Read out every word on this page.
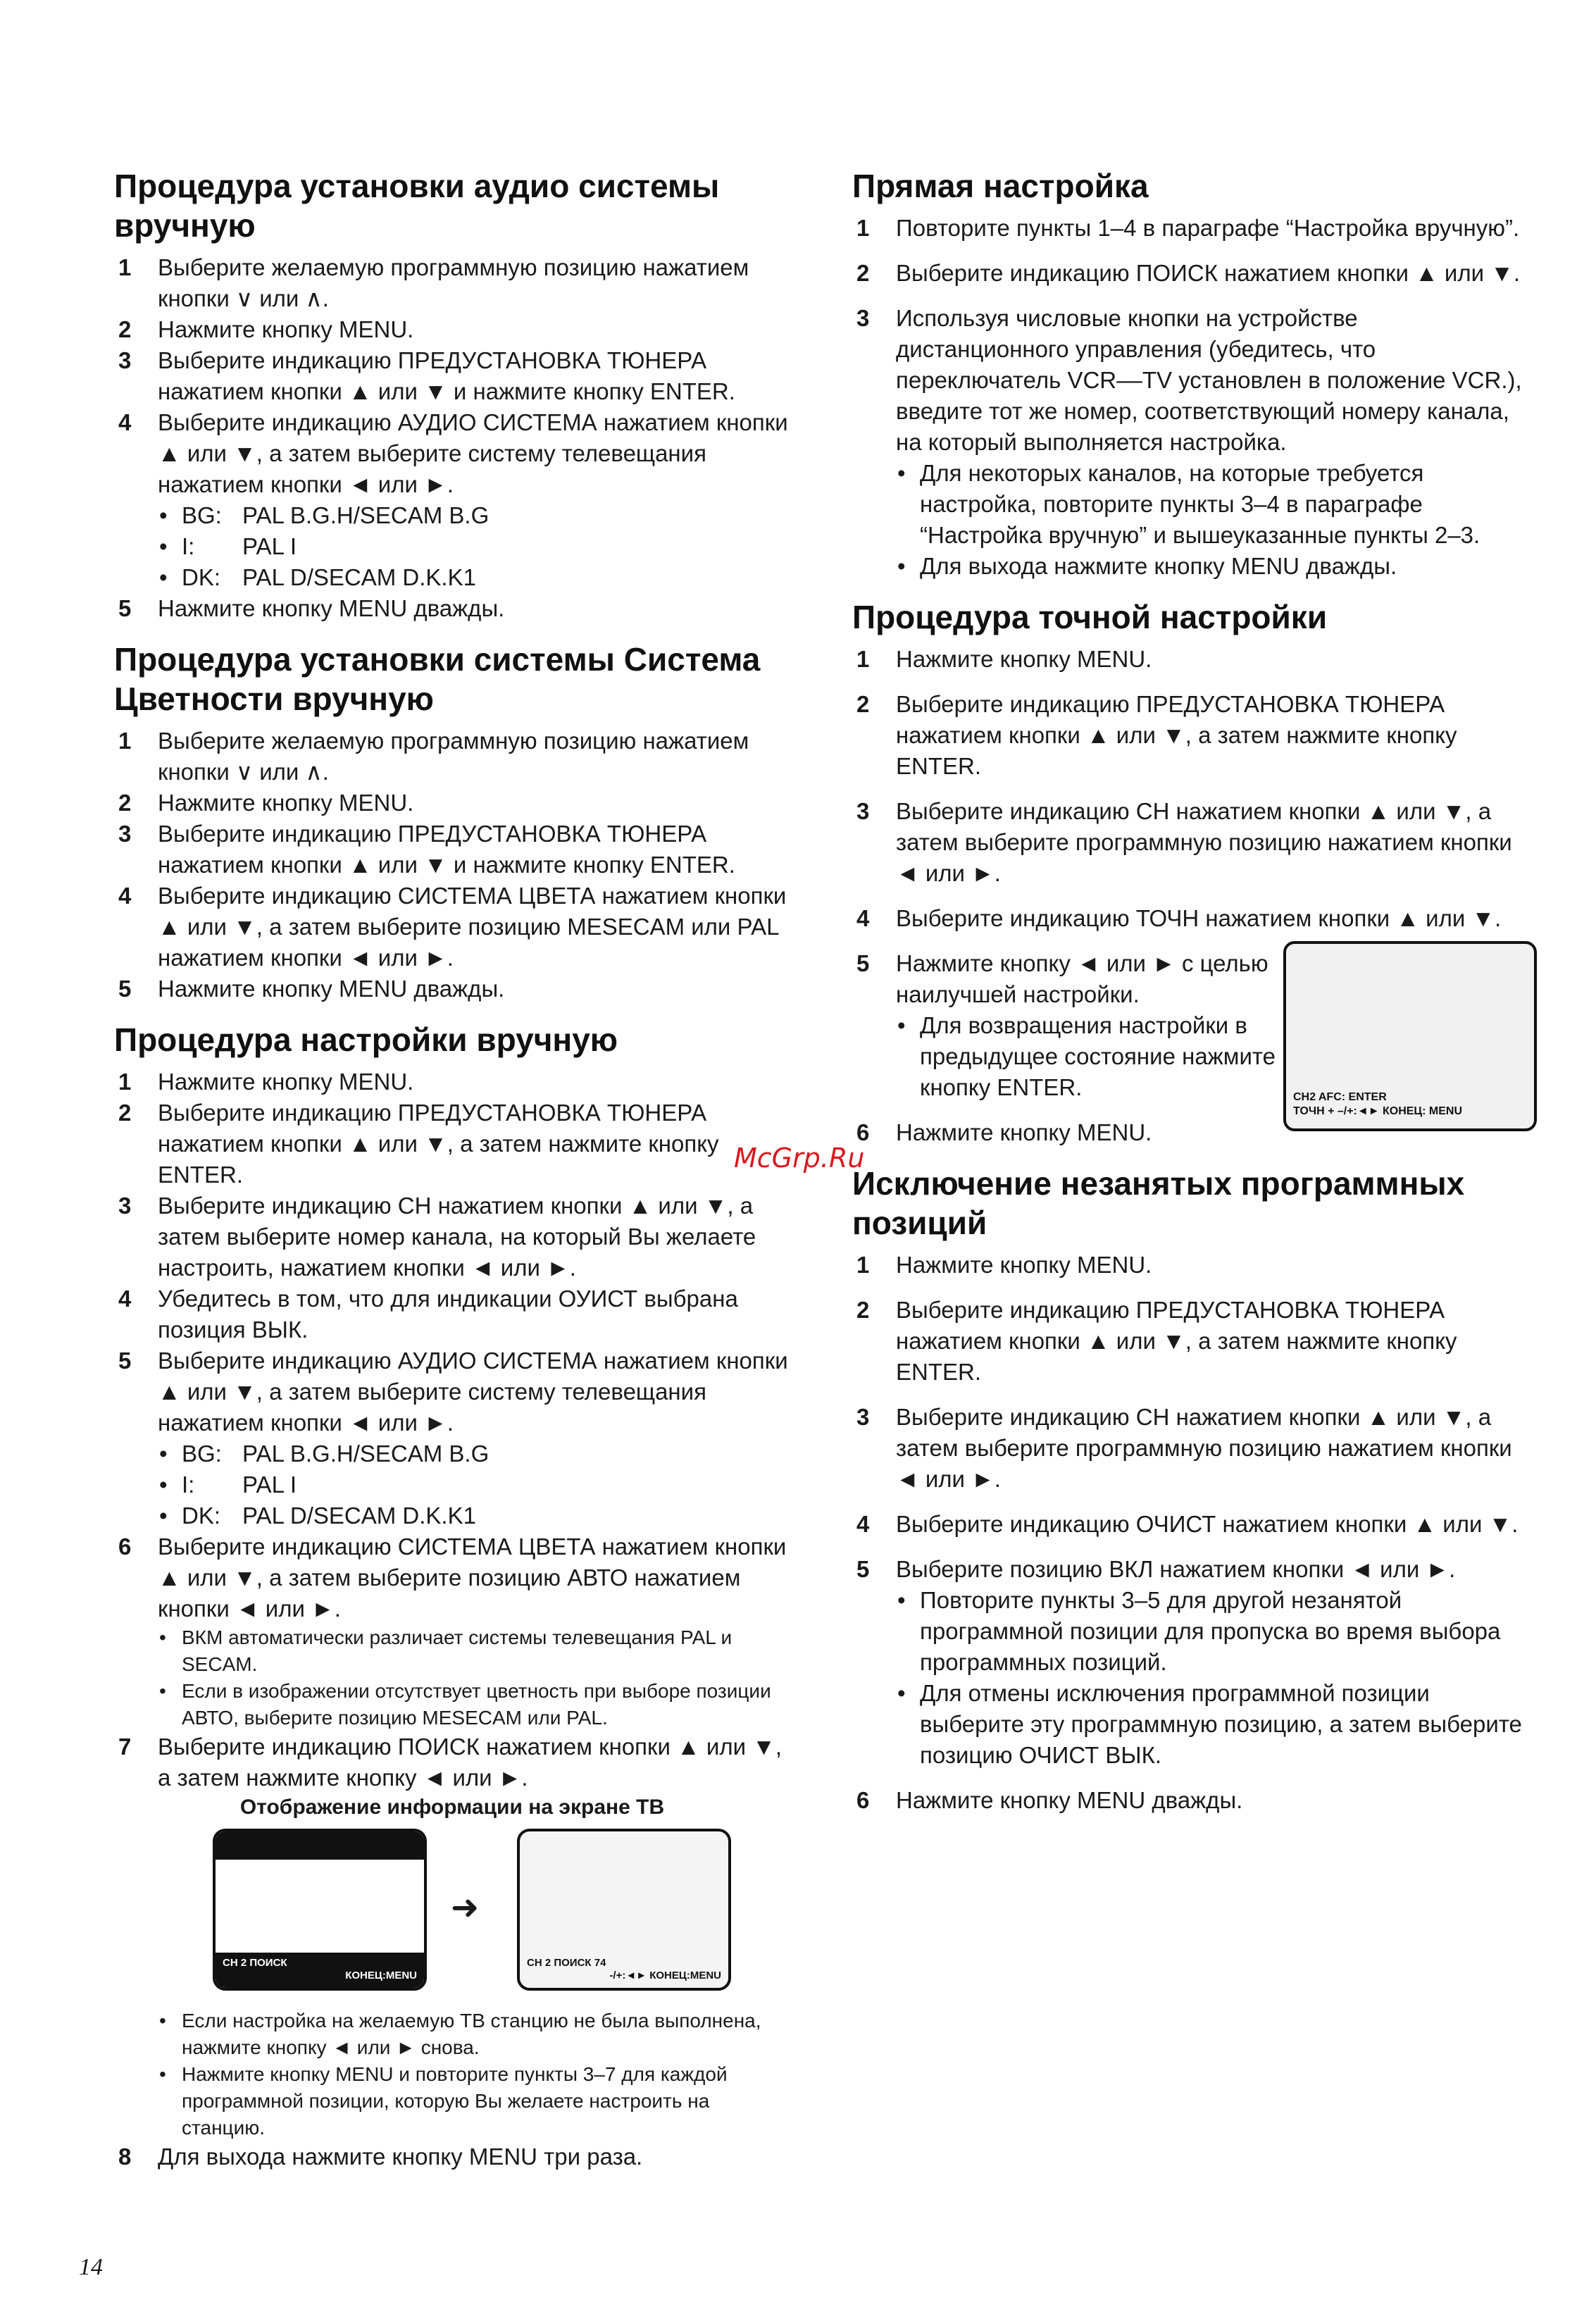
Процедура установки аудио системы вручную
1 Выберите желаемую программную позицию нажатием кнопки ∨ или ∧.
2 Нажмите кнопку MENU.
3 Выберите индикацию ПРЕДУСТАНОВКА ТЮНЕРА нажатием кнопки ▲ или ▼ и нажмите кнопку ENTER.
4 Выберите индикацию АУДИО СИСТЕМА нажатием кнопки ▲ или ▼, а затем выберите систему телевещания нажатием кнопки ◄ или ►.
• BG: PAL B.G.H/SECAM B.G
• I: PAL I
• DK: PAL D/SECAM D.K.K1
5 Нажмите кнопку MENU дважды.
Процедура установки системы Система Цветности вручную
1 Выберите желаемую программную позицию нажатием кнопки ∨ или ∧.
2 Нажмите кнопку MENU.
3 Выберите индикацию ПРЕДУСТАНОВКА ТЮНЕРА нажатием кнопки ▲ или ▼ и нажмите кнопку ENTER.
4 Выберите индикацию СИСТЕМА ЦВЕТА нажатием кнопки ▲ или ▼, а затем выберите позицию MESECAM или PAL нажатием кнопки ◄ или ►.
5 Нажмите кнопку MENU дважды.
Процедура настройки вручную
1 Нажмите кнопку MENU.
2 Выберите индикацию ПРЕДУСТАНОВКА ТЮНЕРА нажатием кнопки ▲ или ▼, а затем нажмите кнопку ENTER.
3 Выберите индикацию CH нажатием кнопки ▲ или ▼, а затем выберите номер канала, на который Вы желаете настроить, нажатием кнопки ◄ или ►.
4 Убедитесь в том, что для индикации ОУИСТ выбрана позиция ВЫК.
5 Выберите индикацию АУДИО СИСТЕМА нажатием кнопки ▲ или ▼, а затем выберите систему телевещания нажатием кнопки ◄ или ►.
• BG: PAL B.G.H/SECAM B.G
• I: PAL I
• DK: PAL D/SECAM D.K.K1
6 Выберите индикацию СИСТЕМА ЦВЕТА нажатием кнопки ▲ или ▼, а затем выберите позицию АВТО нажатием кнопки ◄ или ►.
• ВКМ автоматически различает системы телевещания PAL и SECAM.
• Если в изображении отсутствует цветность при выборе позиции АВТО, выберите позицию MESECAM или PAL.
7 Выберите индикацию ПОИСК нажатием кнопки ▲ или ▼, а затем нажмите кнопку ◄ или ►.
Отображение информации на экране ТВ
CH 2 ПОИСК
КОНЕЦ:MENU
➜
CH 2 ПОИСК 74
-/+:◄► КОНЕЦ:MENU
• Если настройка на желаемую ТВ станцию не была выполнена, нажмите кнопку ◄ или ► снова.
• Нажмите кнопку MENU и повторите пункты 3–7 для каждой программной позиции, которую Вы желаете настроить на станцию.
8 Для выхода нажмите кнопку MENU три раза.
Прямая настройка
1 Повторите пункты 1–4 в параграфе “Настройка вручную”.
2 Выберите индикацию ПОИСК нажатием кнопки ▲ или ▼.
3 Используя числовые кнопки на устройстве дистанционного управления (убедитесь, что переключатель VCR––TV установлен в положение VCR.), введите тот же номер, соответствующий номеру канала, на который выполняется настройка.
• Для некоторых каналов, на которые требуется настройка, повторите пункты 3–4 в параграфе “Настройка вручную” и вышеуказанные пункты 2–3.
• Для выхода нажмите кнопку MENU дважды.
Процедура точной настройки
1 Нажмите кнопку MENU.
2 Выберите индикацию ПРЕДУСТАНОВКА ТЮНЕРА нажатием кнопки ▲ или ▼, а затем нажмите кнопку ENTER.
3 Выберите индикацию CH нажатием кнопки ▲ или ▼, а затем выберите программную позицию нажатием кнопки ◄ или ►.
4 Выберите индикацию ТОЧН нажатием кнопки ▲ или ▼.
5 Нажмите кнопку ◄ или ► с целью наилучшей настройки.
• Для возвращения настройки в предыдущее состояние нажмите кнопку ENTER.	CH2 AFC: ENTER
ТОЧН + –/+:◄► КОНЕЦ: MENU
6 Нажмите кнопку MENU.
Исключение незанятых программных позиций
1 Нажмите кнопку MENU.
2 Выберите индикацию ПРЕДУСТАНОВКА ТЮНЕРА нажатием кнопки ▲ или ▼, а затем нажмите кнопку ENTER.
3 Выберите индикацию CH нажатием кнопки ▲ или ▼, а затем выберите программную позицию нажатием кнопки ◄ или ►.
4 Выберите индикацию ОЧИСТ нажатием кнопки ▲ или ▼.
5 Выберите позицию ВКЛ нажатием кнопки ◄ или ►.
• Повторите пункты 3–5 для другой незанятой программной позиции для пропуска во время выбора программных позиций.
• Для отмены исключения программной позиции выберите эту программную позицию, а затем выберите позицию ОЧИСТ ВЫК.
6 Нажмите кнопку MENU дважды.
McGrp.Ru
14
